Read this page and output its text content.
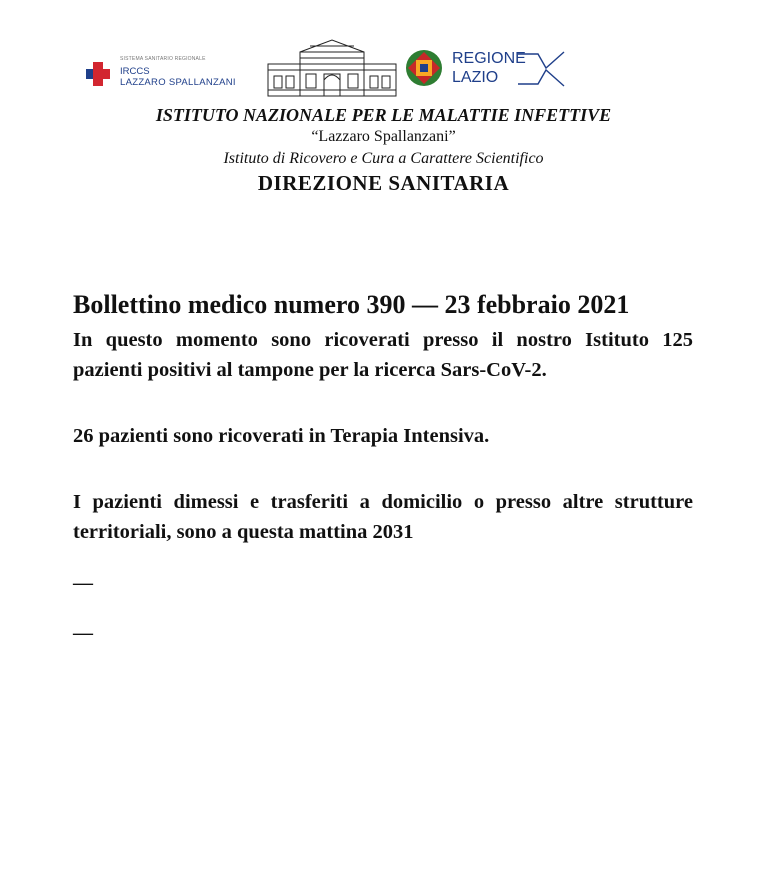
SISTEMA SANITARIO REGIONALE
IRCCS
LAZZARO SPALLANZANI
REGIONE
LAZIO
ISTITUTO NAZIONALE PER LE MALATTIE INFETTIVE
“Lazzaro Spallanzani”
Istituto di Ricovero e Cura a Carattere Scientifico
DIREZIONE SANITARIA

Bollettino medico numero 390 — 23 febbraio 2021

In questo momento sono ricoverati presso il nostro Istituto 125 pazienti positivi al tampone per la ricerca Sars-CoV-2.

26 pazienti sono ricoverati in Terapia Intensiva.

I pazienti dimessi e trasferiti a domicilio o presso altre strutture territoriali, sono a questa mattina 2031

—
—
